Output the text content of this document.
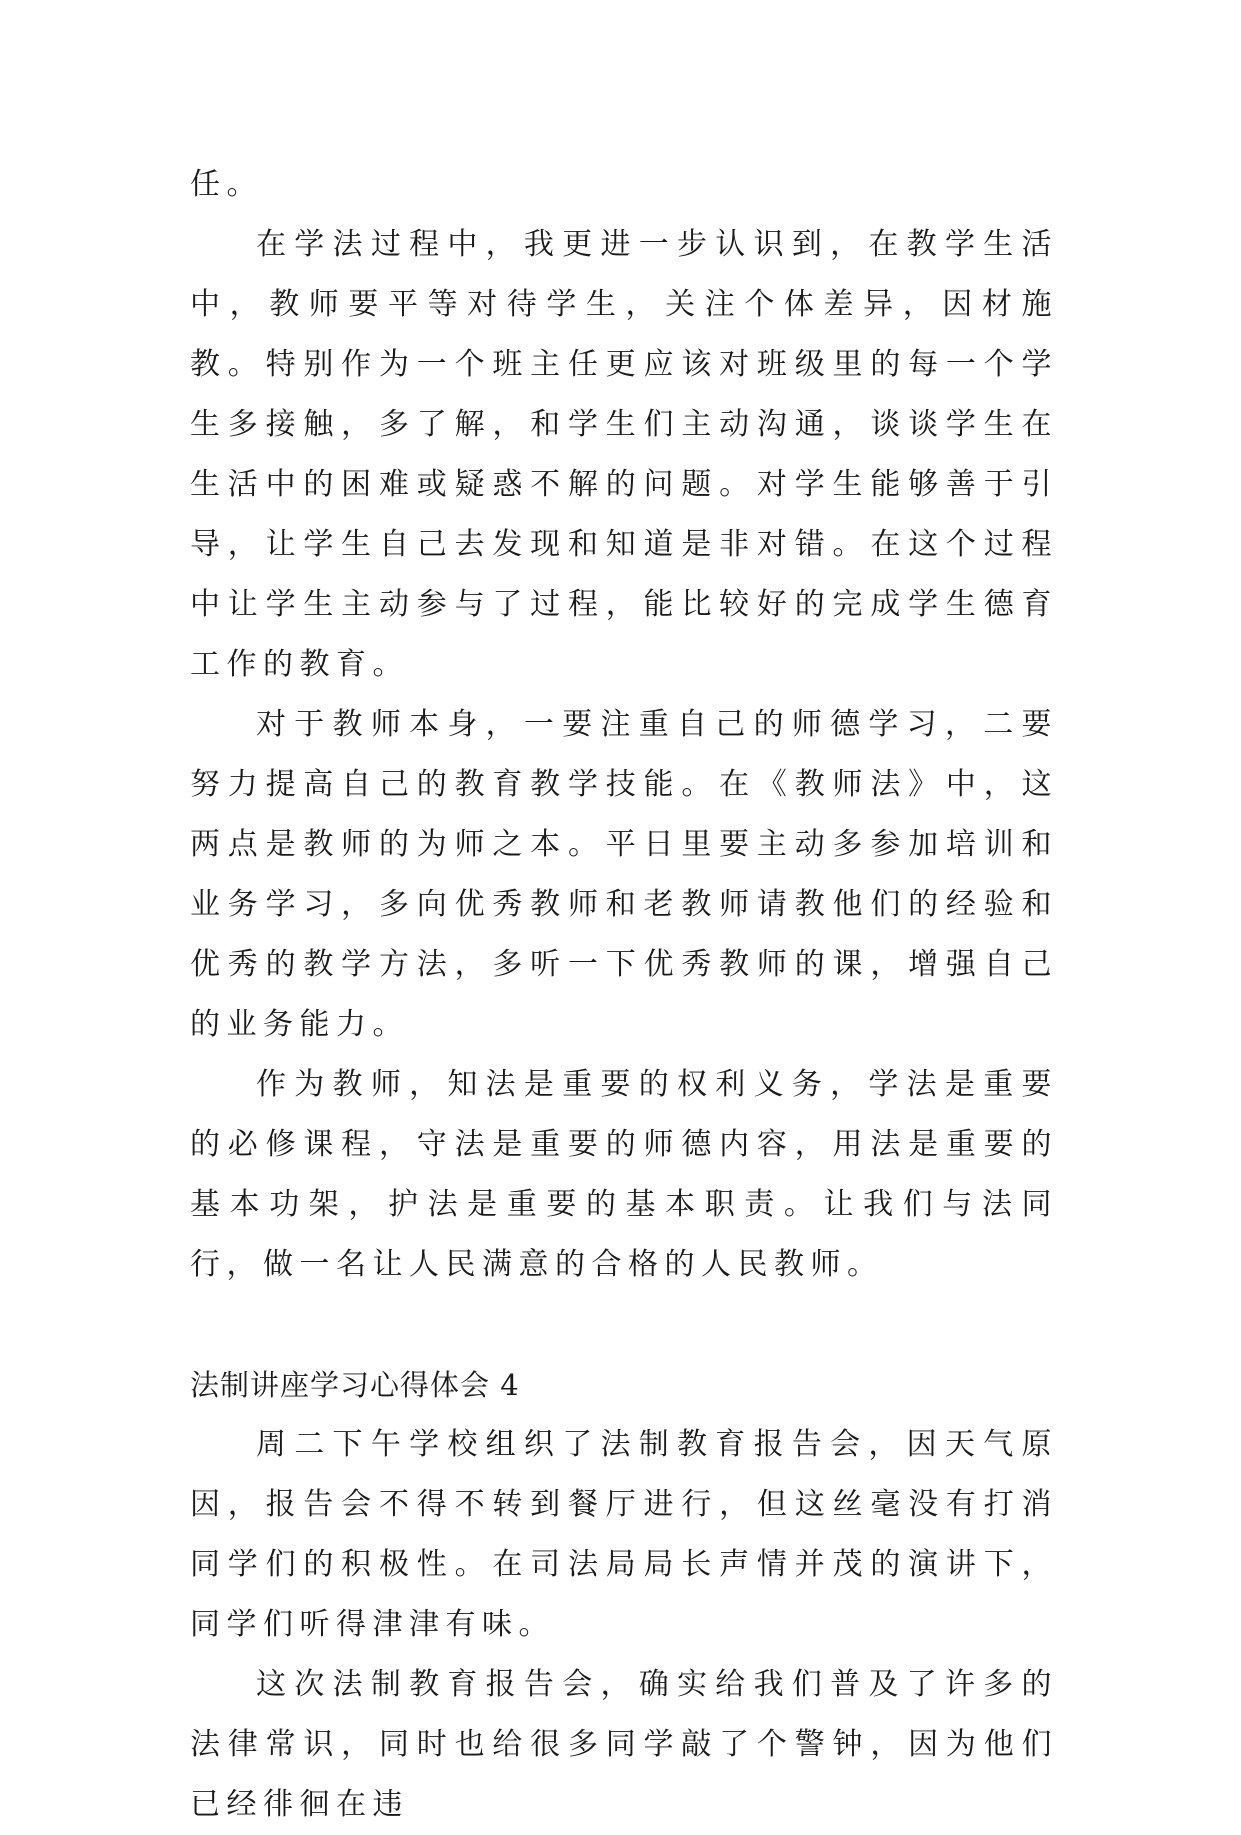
任。

在学法过程中，我更进一步认识到，在教学生活中，教师要平等对待学生，关注个体差异，因材施教。特别作为一个班主任更应该对班级里的每一个学生多接触，多了解，和学生们主动沟通，谈谈学生在生活中的困难或疑惑不解的问题。对学生能够善于引导，让学生自己去发现和知道是非对错。在这个过程中让学生主动参与了过程，能比较好的完成学生德育工作的教育。

对于教师本身，一要注重自己的师德学习，二要努力提高自己的教育教学技能。在《教师法》中，这两点是教师的为师之本。平日里要主动多参加培训和业务学习，多向优秀教师和老教师请教他们的经验和优秀的教学方法，多听一下优秀教师的课，增强自己的业务能力。

作为教师，知法是重要的权利义务，学法是重要的必修课程，守法是重要的师德内容，用法是重要的基本功架，护法是重要的基本职责。让我们与法同行，做一名让人民满意的合格的人民教师。

法制讲座学习心得体会 4

周二下午学校组织了法制教育报告会，因天气原因，报告会不得不转到餐厅进行，但这丝毫没有打消同学们的积极性。在司法局局长声情并茂的演讲下，同学们听得津津有味。

这次法制教育报告会，确实给我们普及了许多的法律常识，同时也给很多同学敲了个警钟，因为他们已经徘徊在违
